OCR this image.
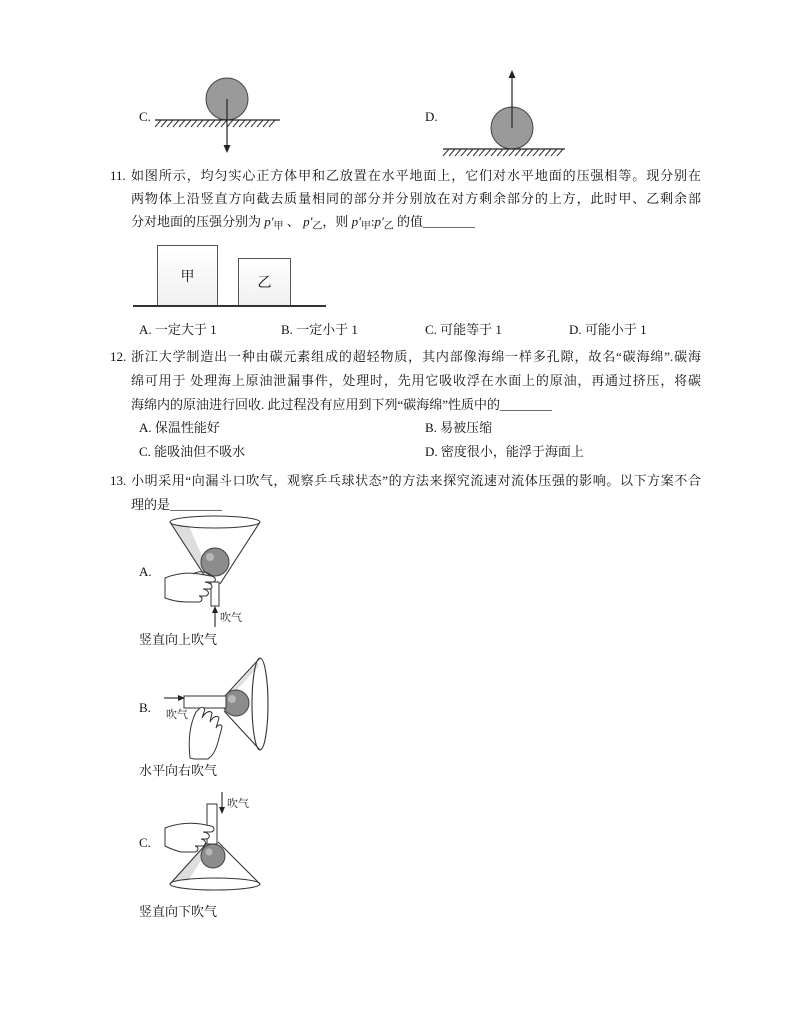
C.	D.
11. 如图所示，均匀实心正方体甲和乙放置在水平地面上，它们对水平地面的压强相等。现分别在
两物体上沿竖直方向截去质量相同的部分并分别放在对方剩余部分的上方，此时甲、乙剩余部
分对地面的压强分别为 $p'_甲$ 、 $p'_乙$，则 $p'_甲:p'_乙$ 的值________
甲	乙
A. 一定大于 1	B. 一定小于 1	C. 可能等于 1	D. 可能小于 1
12. 浙江大学制造出一种由碳元素组成的超轻物质，其内部像海绵一样多孔隙，故名“碳海绵”.碳海
绵可用于 处理海上原油泄漏事件，处理时，先用它吸收浮在水面上的原油，再通过挤压，将碳
海绵内的原油进行回收. 此过程没有应用到下列“碳海绵”性质中的________
A. 保温性能好	B. 易被压缩
C. 能吸油但不吸水	D. 密度很小，能浮于海面上
13. 小明采用“向漏斗口吹气，观察乒乓球状态”的方法来探究流速对流体压强的影响。以下方案不合
理的是________
A.
吹气
竖直向上吹气
B. 吹气
水平向右吹气
C.
吹气
竖直向下吹气
